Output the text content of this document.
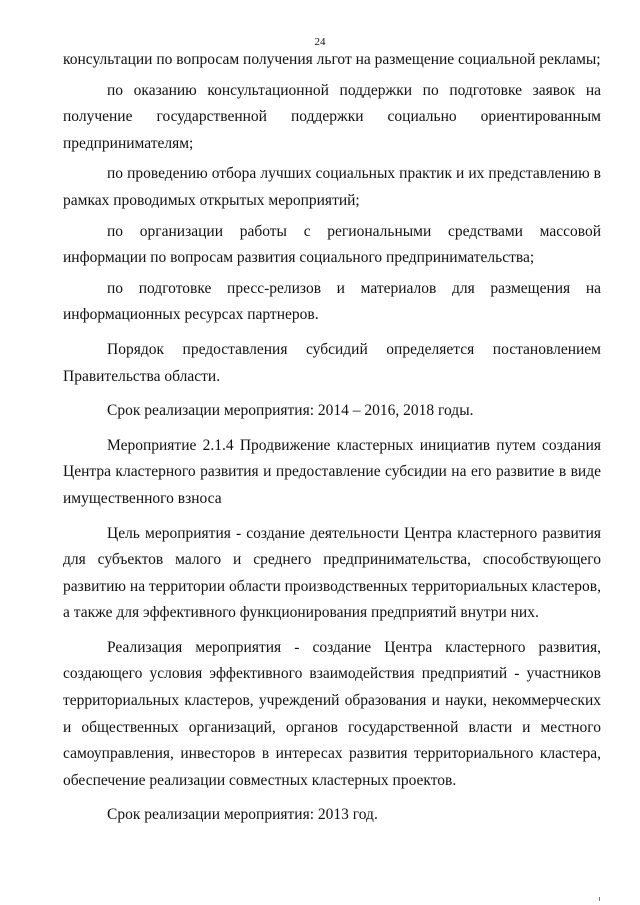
24

консультации по вопросам получения льгот на размещение социальной рекламы;

по оказанию консультационной поддержки по подготовке заявок на получение государственной поддержки социально ориентированным предпринимателям;

по проведению отбора лучших социальных практик и их представлению в рамках проводимых открытых мероприятий;

по организации работы с региональными средствами массовой информации по вопросам развития социального предпринимательства;

по подготовке пресс-релизов и материалов для размещения на информационных ресурсах партнеров.

Порядок предоставления субсидий определяется постановлением Правительства области.

Срок реализации мероприятия: 2014 – 2016, 2018 годы.

Мероприятие 2.1.4 Продвижение кластерных инициатив путем создания Центра кластерного развития и предоставление субсидии на его развитие в виде имущественного взноса

Цель мероприятия - создание деятельности Центра кластерного развития для субъектов малого и среднего предпринимательства, способствующего развитию на территории области производственных территориальных кластеров, а также для эффективного функционирования предприятий внутри них.

Реализация мероприятия - создание Центра кластерного развития, создающего условия эффективного взаимодействия предприятий - участников территориальных кластеров, учреждений образования и науки, некоммерческих и общественных организаций, органов государственной власти и местного самоуправления, инвесторов в интересах развития территориального кластера, обеспечение реализации совместных кластерных проектов.

Срок реализации мероприятия: 2013 год.
